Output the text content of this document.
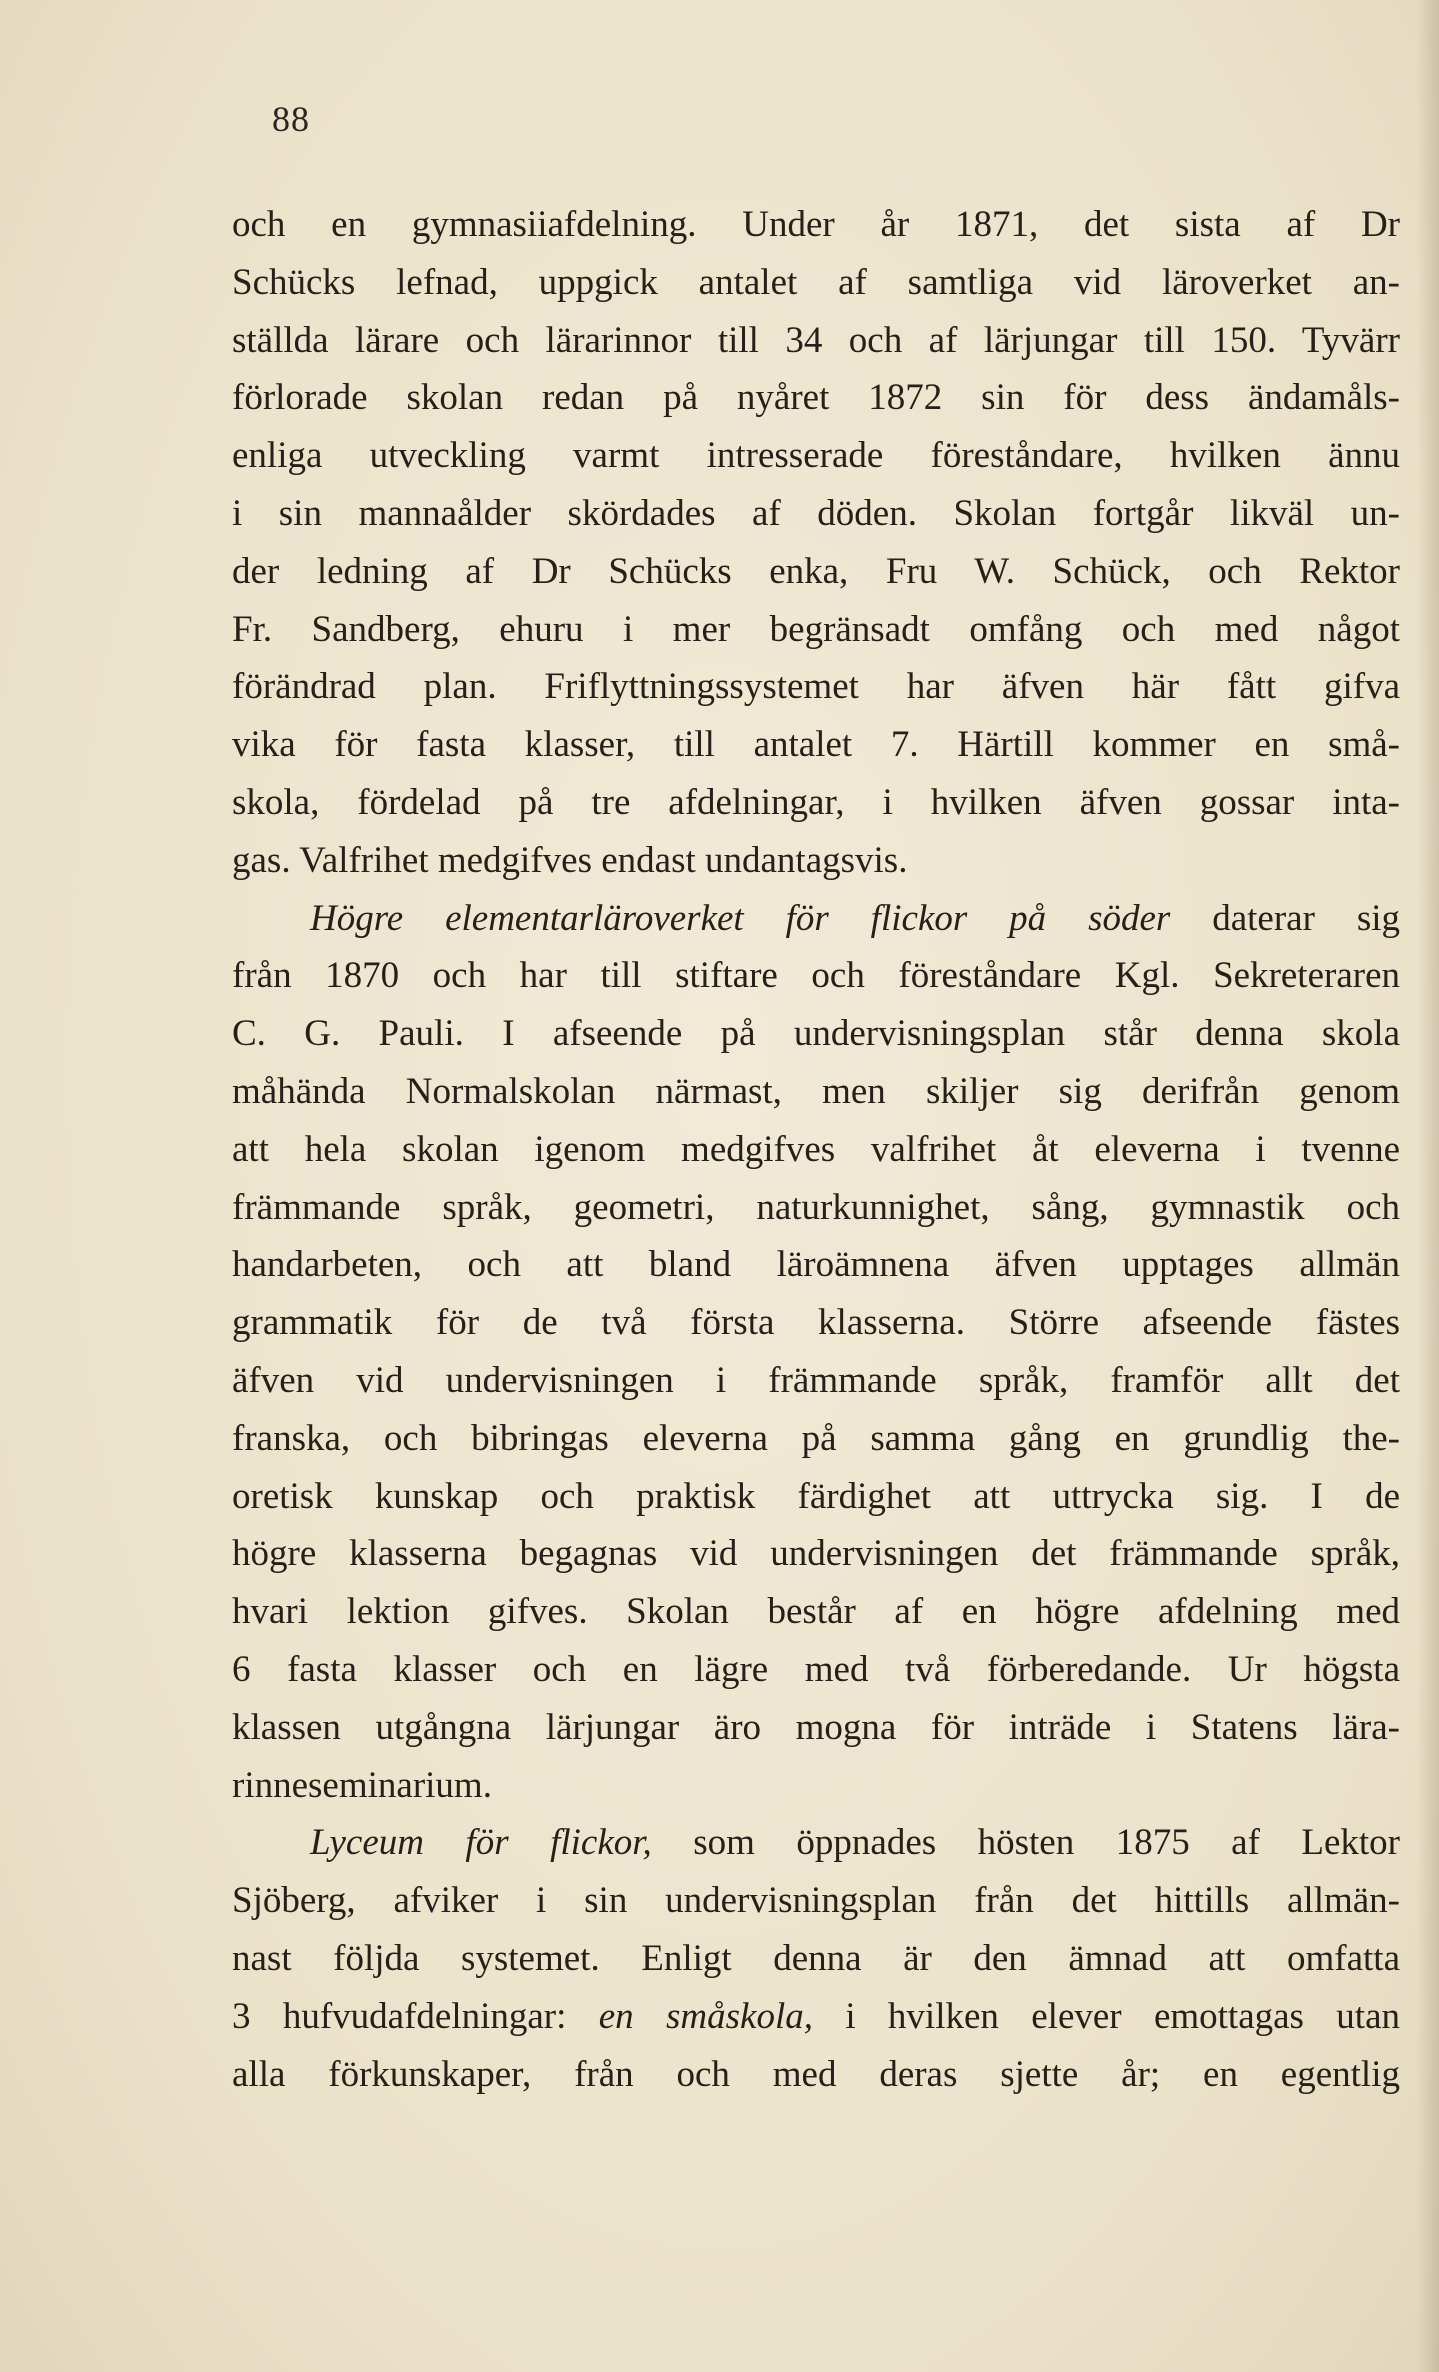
88
och en gymnasiiafdelning. Under år 1871, det sista af Dr
Schücks lefnad, uppgick antalet af samtliga vid läroverket an-
ställda lärare och lärarinnor till 34 och af lärjungar till 150. Tyvärr
förlorade skolan redan på nyåret 1872 sin för dess ändamåls-
enliga utveckling varmt intresserade föreståndare, hvilken ännu
i sin mannaålder skördades af döden. Skolan fortgår likväl un-
der ledning af Dr Schücks enka, Fru W. Schück, och Rektor
Fr. Sandberg, ehuru i mer begränsadt omfång och med något
förändrad plan. Friflyttningssystemet har äfven här fått gifva
vika för fasta klasser, till antalet 7. Härtill kommer en små-
skola, fördelad på tre afdelningar, i hvilken äfven gossar inta-
gas. Valfrihet medgifves endast undantagsvis.
Högre elementarläroverket för flickor på söder daterar sig
från 1870 och har till stiftare och föreståndare Kgl. Sekreteraren
C. G. Pauli. I afseende på undervisningsplan står denna skola
måhända Normalskolan närmast, men skiljer sig derifrån genom
att hela skolan igenom medgifves valfrihet åt eleverna i tvenne
främmande språk, geometri, naturkunnighet, sång, gymnastik och
handarbeten, och att bland läroämnena äfven upptages allmän
grammatik för de två första klasserna. Större afseende fästes
äfven vid undervisningen i främmande språk, framför allt det
franska, och bibringas eleverna på samma gång en grundlig the-
oretisk kunskap och praktisk färdighet att uttrycka sig. I de
högre klasserna begagnas vid undervisningen det främmande språk,
hvari lektion gifves. Skolan består af en högre afdelning med
6 fasta klasser och en lägre med två förberedande. Ur högsta
klassen utgångna lärjungar äro mogna för inträde i Statens lära-
rinneseminarium.
Lyceum för flickor, som öppnades hösten 1875 af Lektor
Sjöberg, afviker i sin undervisningsplan från det hittills allmän-
nast följda systemet. Enligt denna är den ämnad att omfatta
3 hufvudafdelningar: en småskola, i hvilken elever emottagas utan
alla förkunskaper, från och med deras sjette år; en egentlig
